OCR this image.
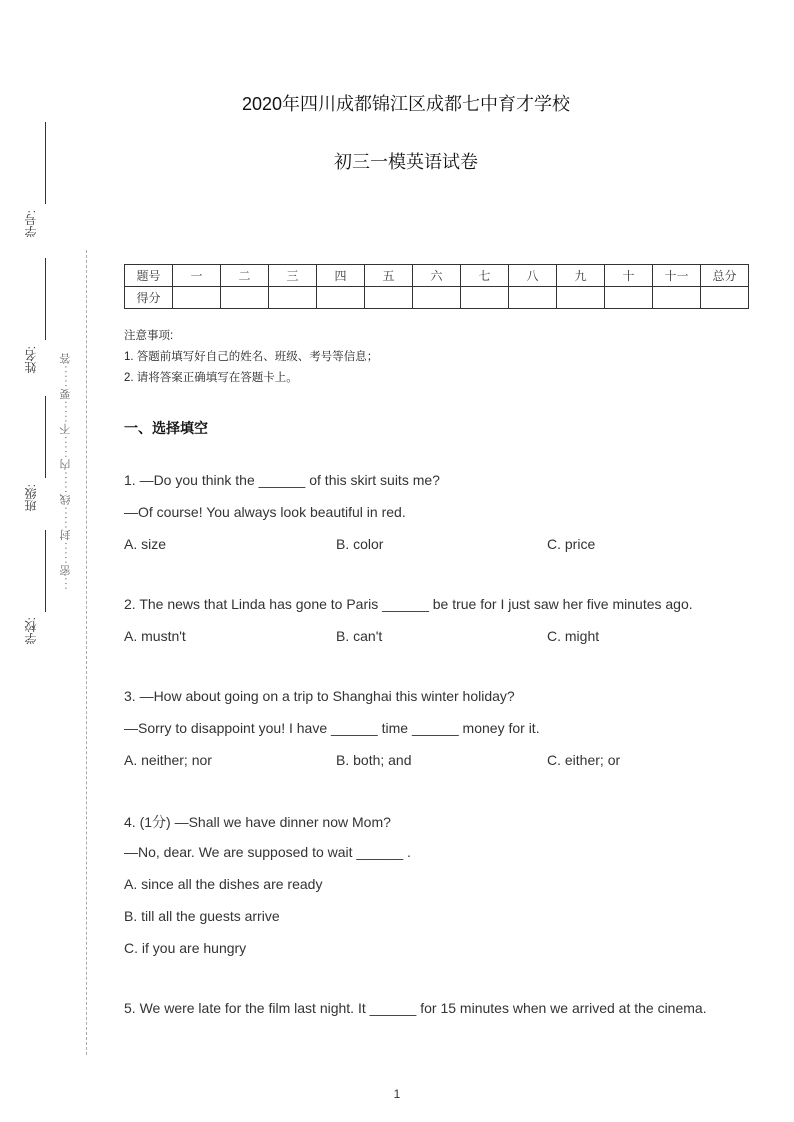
学号:
姓名:
班级:
学校:
···密·····封·····线·····内·····不·····要·····答
2020年四川成都锦江区成都七中育才学校
初三一模英语试卷
题号	一	二	三	四	五	六	七	八	九	十	十一	总分
得分												
注意事项:
1. 答题前填写好自己的姓名、班级、考号等信息；
2. 请将答案正确填写在答题卡上。
一、选择填空
1. —Do you think the ______ of this skirt suits me?
—Of course! You always look beautiful in red.
A. size	B. color	C. price
2. The news that Linda has gone to Paris ______ be true for I just saw her five minutes ago.
A. mustn't	B. can't	C. might
3. —How about going on a trip to Shanghai this winter holiday?
—Sorry to disappoint you! I have ______ time ______ money for it.
A. neither; nor	B. both; and	C. either; or
4. (1分) —Shall we have dinner now Mom?
—No, dear. We are supposed to wait ______ .
A. since all the dishes are ready
B. till all the guests arrive
C. if you are hungry
5. We were late for the film last night. It ______ for 15 minutes when we arrived at the cinema.
1
